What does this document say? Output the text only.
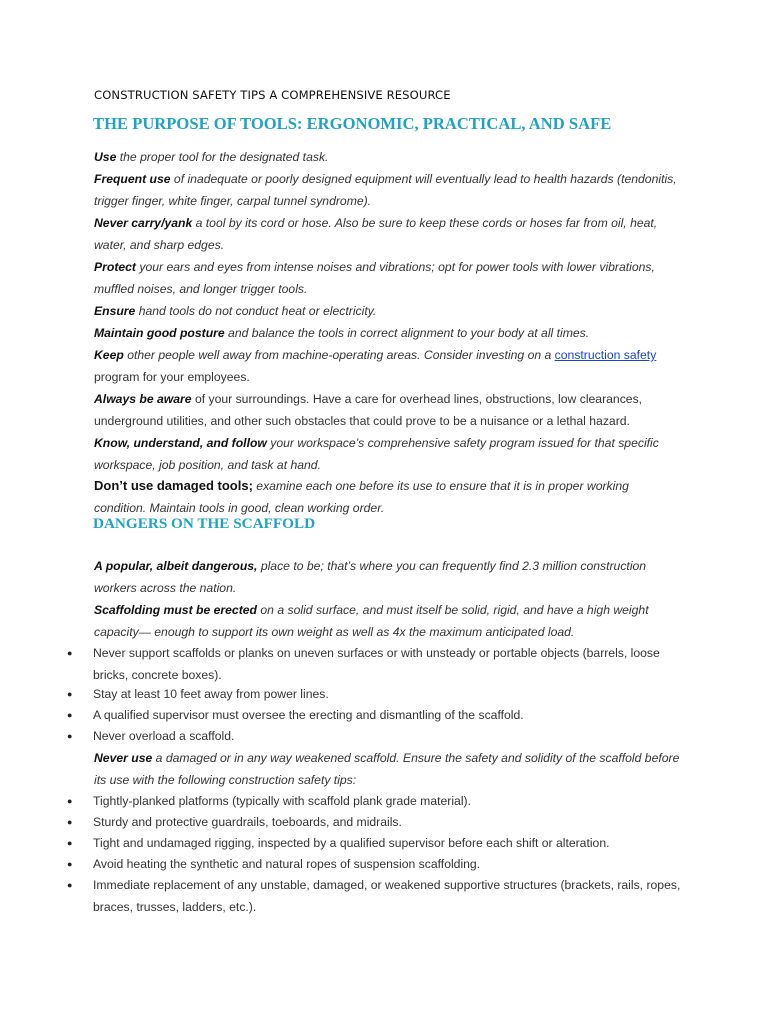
CONSTRUCTION SAFETY TIPS A COMPREHENSIVE RESOURCE
THE PURPOSE OF TOOLS: ERGONOMIC, PRACTICAL, AND SAFE
Use the proper tool for the designated task.
Frequent use of inadequate or poorly designed equipment will eventually lead to health hazards (tendonitis, trigger finger, white finger, carpal tunnel syndrome).
Never carry/yank a tool by its cord or hose. Also be sure to keep these cords or hoses far from oil, heat, water, and sharp edges.
Protect your ears and eyes from intense noises and vibrations; opt for power tools with lower vibrations, muffled noises, and longer trigger tools.
Ensure hand tools do not conduct heat or electricity.
Maintain good posture and balance the tools in correct alignment to your body at all times.
Keep other people well away from machine-operating areas. Consider investing on a construction safety program for your employees.
Always be aware of your surroundings. Have a care for overhead lines, obstructions, low clearances, underground utilities, and other such obstacles that could prove to be a nuisance or a lethal hazard.
Know, understand, and follow your workspace’s comprehensive safety program issued for that specific workspace, job position, and task at hand.
Don’t use damaged tools; examine each one before its use to ensure that it is in proper working condition. Maintain tools in good, clean working order.
DANGERS ON THE SCAFFOLD
A popular, albeit dangerous, place to be; that’s where you can frequently find 2.3 million construction workers across the nation.
Scaffolding must be erected on a solid surface, and must itself be solid, rigid, and have a high weight capacity— enough to support its own weight as well as 4x the maximum anticipated load.
● Never support scaffolds or planks on uneven surfaces or with unsteady or portable objects (barrels, loose bricks, concrete boxes).
● Stay at least 10 feet away from power lines.
● A qualified supervisor must oversee the erecting and dismantling of the scaffold.
● Never overload a scaffold.
Never use a damaged or in any way weakened scaffold. Ensure the safety and solidity of the scaffold before its use with the following construction safety tips:
● Tightly-planked platforms (typically with scaffold plank grade material).
● Sturdy and protective guardrails, toeboards, and midrails.
● Tight and undamaged rigging, inspected by a qualified supervisor before each shift or alteration.
● Avoid heating the synthetic and natural ropes of suspension scaffolding.
● Immediate replacement of any unstable, damaged, or weakened supportive structures (brackets, rails, ropes, braces, trusses, ladders, etc.).
